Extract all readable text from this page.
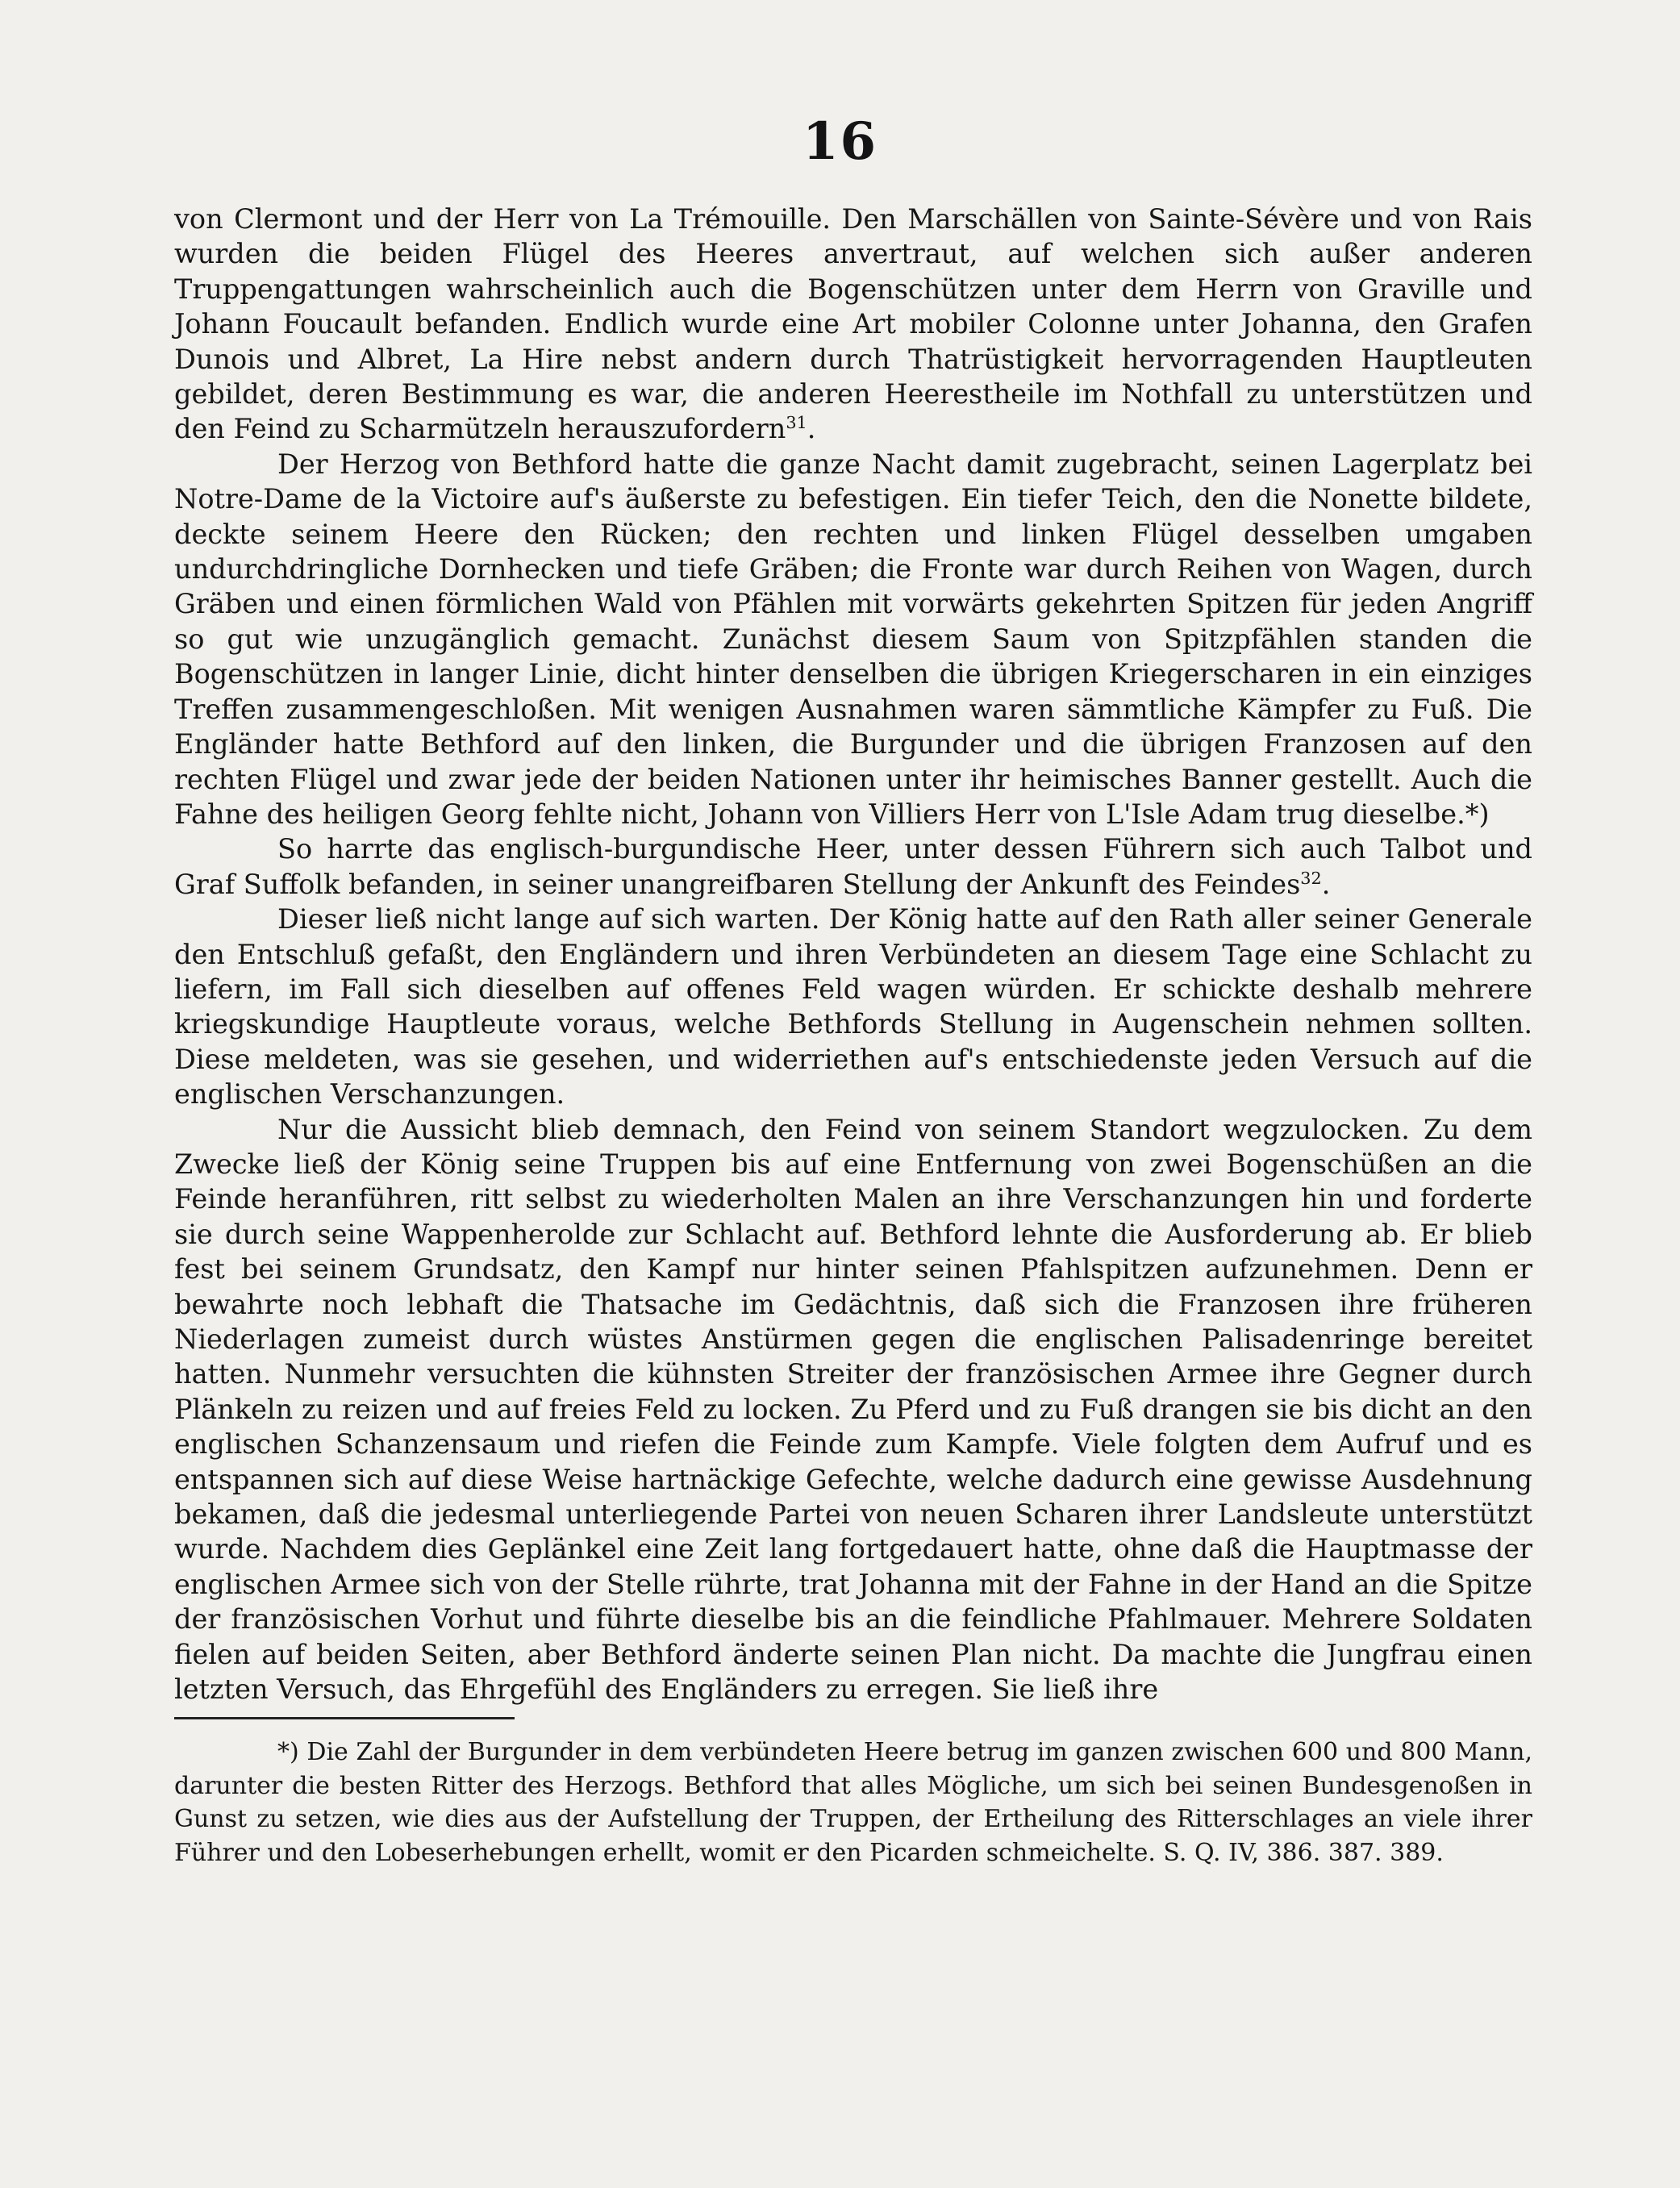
16

von Clermont und der Herr von La Trémouille. Den Marschällen von Sainte-Sévère und von Rais wurden die beiden Flügel des Heeres anvertraut, auf welchen sich außer anderen Truppengattungen wahrscheinlich auch die Bogenschützen unter dem Herrn von Graville und Johann Foucault befanden. Endlich wurde eine Art mobiler Colonne unter Johanna, den Grafen Dunois und Albret, La Hire nebst andern durch Thatrüstigkeit hervorragenden Hauptleuten gebildet, deren Bestimmung es war, die anderen Heerestheile im Nothfall zu unterstützen und den Feind zu Scharmützeln herauszufordern$^{31}$.

Der Herzog von Bethford hatte die ganze Nacht damit zugebracht, seinen Lagerplatz bei Notre-Dame de la Victoire auf's äußerste zu befestigen. Ein tiefer Teich, den die Nonette bildete, deckte seinem Heere den Rücken; den rechten und linken Flügel desselben umgaben undurchdringliche Dornhecken und tiefe Gräben; die Fronte war durch Reihen von Wagen, durch Gräben und einen förmlichen Wald von Pfählen mit vorwärts gekehrten Spitzen für jeden Angriff so gut wie unzugänglich gemacht. Zunächst diesem Saum von Spitzpfählen standen die Bogenschützen in langer Linie, dicht hinter denselben die übrigen Kriegerscharen in ein einziges Treffen zusammengeschloßen. Mit wenigen Ausnahmen waren sämmtliche Kämpfer zu Fuß. Die Engländer hatte Bethford auf den linken, die Burgunder und die übrigen Franzosen auf den rechten Flügel und zwar jede der beiden Nationen unter ihr heimisches Banner gestellt. Auch die Fahne des heiligen Georg fehlte nicht, Johann von Villiers Herr von L'Isle Adam trug dieselbe.*)

So harrte das englisch-burgundische Heer, unter dessen Führern sich auch Talbot und Graf Suffolk befanden, in seiner unangreifbaren Stellung der Ankunft des Feindes$^{32}$.

Dieser ließ nicht lange auf sich warten. Der König hatte auf den Rath aller seiner Generale den Entschluß gefaßt, den Engländern und ihren Verbündeten an diesem Tage eine Schlacht zu liefern, im Fall sich dieselben auf offenes Feld wagen würden. Er schickte deshalb mehrere kriegskundige Hauptleute voraus, welche Bethfords Stellung in Augenschein nehmen sollten. Diese meldeten, was sie gesehen, und widerriethen auf's entschiedenste jeden Versuch auf die englischen Verschanzungen.

Nur die Aussicht blieb demnach, den Feind von seinem Standort wegzulocken. Zu dem Zwecke ließ der König seine Truppen bis auf eine Entfernung von zwei Bogenschüßen an die Feinde heranführen, ritt selbst zu wiederholten Malen an ihre Verschanzungen hin und forderte sie durch seine Wappenherolde zur Schlacht auf. Bethford lehnte die Ausforderung ab. Er blieb fest bei seinem Grundsatz, den Kampf nur hinter seinen Pfahlspitzen aufzunehmen. Denn er bewahrte noch lebhaft die Thatsache im Gedächtnis, daß sich die Franzosen ihre früheren Niederlagen zumeist durch wüstes Anstürmen gegen die englischen Palisadenringe bereitet hatten. Nunmehr versuchten die kühnsten Streiter der französischen Armee ihre Gegner durch Plänkeln zu reizen und auf freies Feld zu locken. Zu Pferd und zu Fuß drangen sie bis dicht an den englischen Schanzensaum und riefen die Feinde zum Kampfe. Viele folgten dem Aufruf und es entspannen sich auf diese Weise hartnäckige Gefechte, welche dadurch eine gewisse Ausdehnung bekamen, daß die jedesmal unterliegende Partei von neuen Scharen ihrer Landsleute unterstützt wurde. Nachdem dies Geplänkel eine Zeit lang fortgedauert hatte, ohne daß die Hauptmasse der englischen Armee sich von der Stelle rührte, trat Johanna mit der Fahne in der Hand an die Spitze der französischen Vorhut und führte dieselbe bis an die feindliche Pfahlmauer. Mehrere Soldaten fielen auf beiden Seiten, aber Bethford änderte seinen Plan nicht. Da machte die Jungfrau einen letzten Versuch, das Ehrgefühl des Engländers zu erregen. Sie ließ ihre

*) Die Zahl der Burgunder in dem verbündeten Heere betrug im ganzen zwischen 600 und 800 Mann, darunter die besten Ritter des Herzogs. Bethford that alles Mögliche, um sich bei seinen Bundesgenoßen in Gunst zu setzen, wie dies aus der Aufstellung der Truppen, der Ertheilung des Ritterschlages an viele ihrer Führer und den Lobeserhebungen erhellt, womit er den Picarden schmeichelte. S. Q. IV, 386. 387. 389.
